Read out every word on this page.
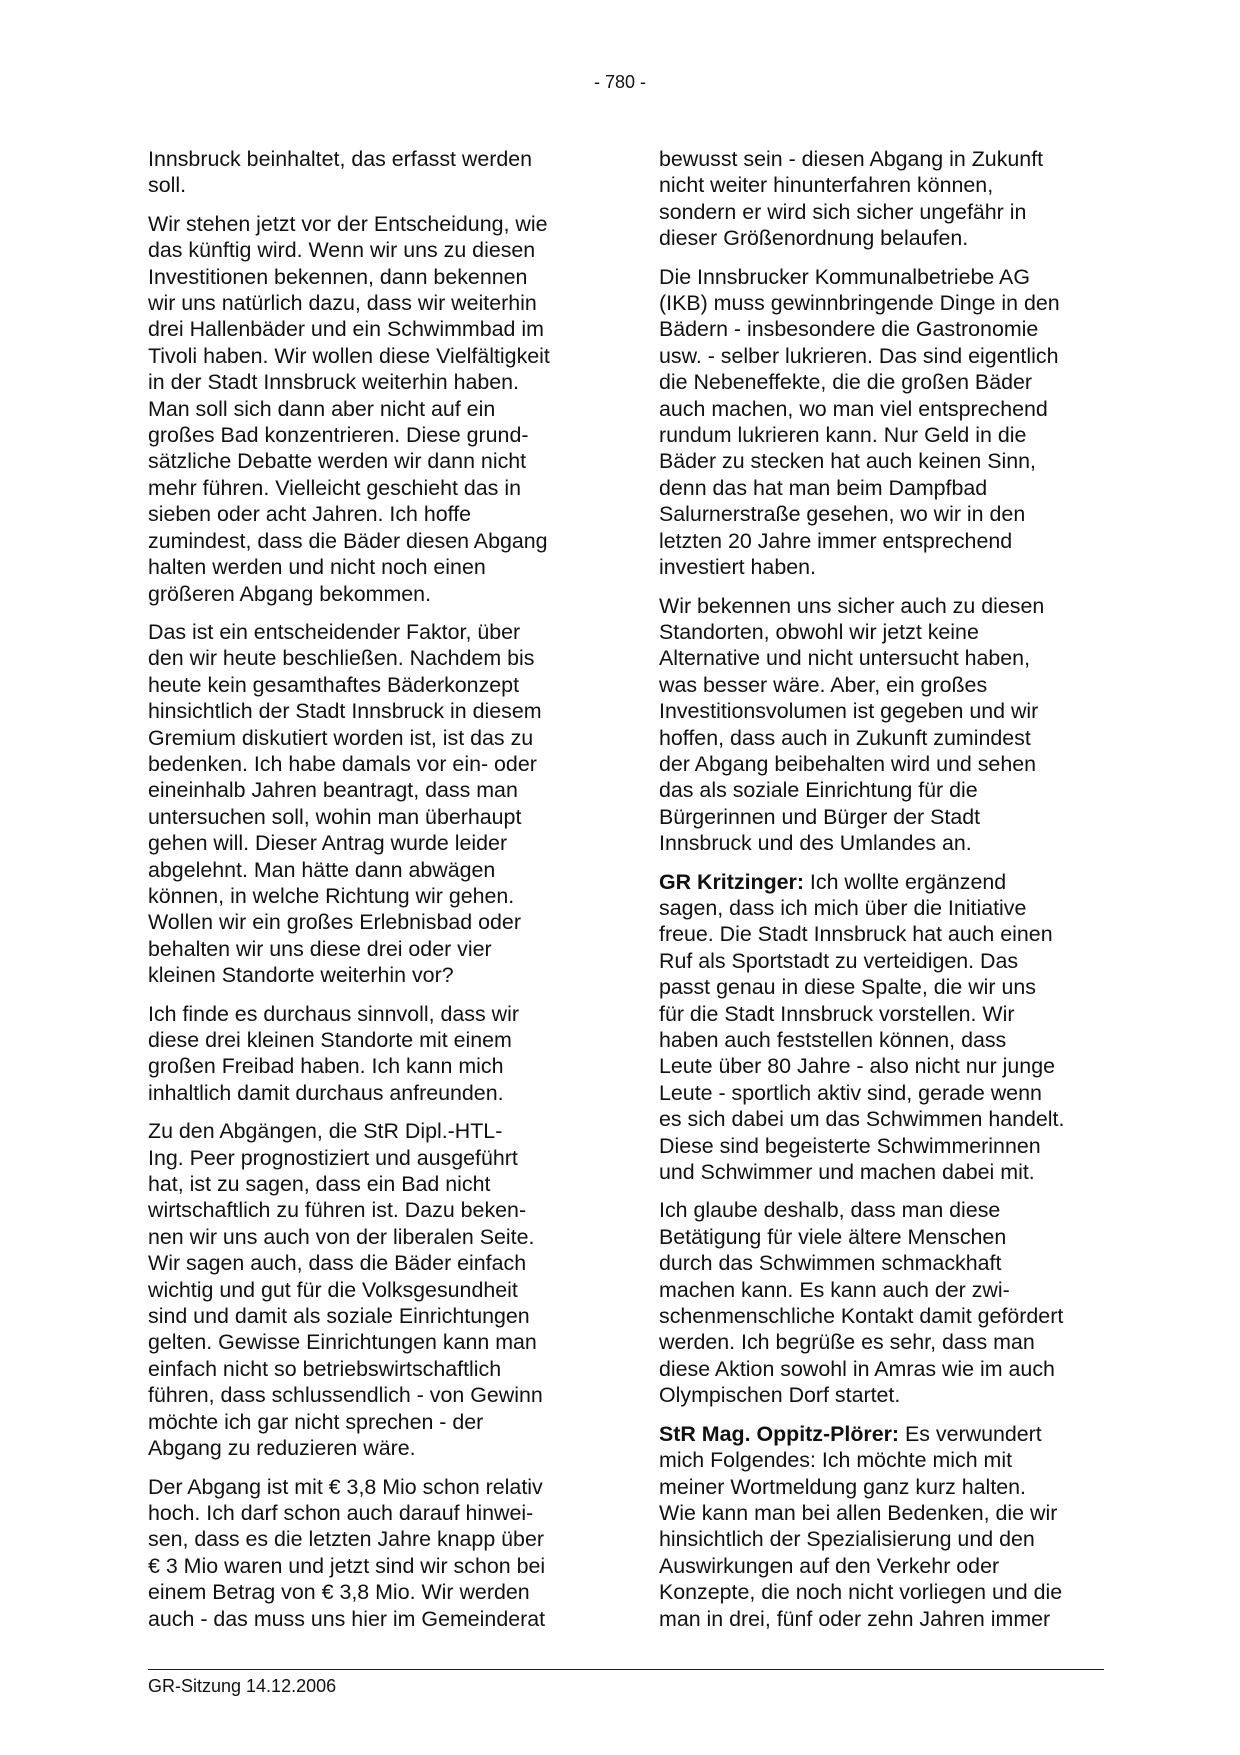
- 780 -

Innsbruck beinhaltet, das erfasst werden
soll.

Wir stehen jetzt vor der Entscheidung, wie
das künftig wird. Wenn wir uns zu diesen
Investitionen bekennen, dann bekennen
wir uns natürlich dazu, dass wir weiterhin
drei Hallenbäder und ein Schwimmbad im
Tivoli haben. Wir wollen diese Vielfältigkeit
in der Stadt Innsbruck weiterhin haben.
Man soll sich dann aber nicht auf ein
großes Bad konzentrieren. Diese grund-
sätzliche Debatte werden wir dann nicht
mehr führen. Vielleicht geschieht das in
sieben oder acht Jahren. Ich hoffe
zumindest, dass die Bäder diesen Abgang
halten werden und nicht noch einen
größeren Abgang bekommen.

Das ist ein entscheidender Faktor, über
den wir heute beschließen. Nachdem bis
heute kein gesamthaftes Bäderkonzept
hinsichtlich der Stadt Innsbruck in diesem
Gremium diskutiert worden ist, ist das zu
bedenken. Ich habe damals vor ein- oder
eineinhalb Jahren beantragt, dass man
untersuchen soll, wohin man überhaupt
gehen will. Dieser Antrag wurde leider
abgelehnt. Man hätte dann abwägen
können, in welche Richtung wir gehen.
Wollen wir ein großes Erlebnisbad oder
behalten wir uns diese drei oder vier
kleinen Standorte weiterhin vor?

Ich finde es durchaus sinnvoll, dass wir
diese drei kleinen Standorte mit einem
großen Freibad haben. Ich kann mich
inhaltlich damit durchaus anfreunden.

Zu den Abgängen, die StR Dipl.-HTL-
Ing. Peer prognostiziert und ausgeführt
hat, ist zu sagen, dass ein Bad nicht
wirtschaftlich zu führen ist. Dazu beken-
nen wir uns auch von der liberalen Seite.
Wir sagen auch, dass die Bäder einfach
wichtig und gut für die Volksgesundheit
sind und damit als soziale Einrichtungen
gelten. Gewisse Einrichtungen kann man
einfach nicht so betriebswirtschaftlich
führen, dass schlussendlich - von Gewinn
möchte ich gar nicht sprechen - der
Abgang zu reduzieren wäre.

Der Abgang ist mit € 3,8 Mio schon relativ
hoch. Ich darf schon auch darauf hinwei-
sen, dass es die letzten Jahre knapp über
€ 3 Mio waren und jetzt sind wir schon bei
einem Betrag von € 3,8 Mio. Wir werden
auch - das muss uns hier im Gemeinderat

bewusst sein - diesen Abgang in Zukunft
nicht weiter hinunterfahren können,
sondern er wird sich sicher ungefähr in
dieser Größenordnung belaufen.

Die Innsbrucker Kommunalbetriebe AG
(IKB) muss gewinnbringende Dinge in den
Bädern - insbesondere die Gastronomie
usw. - selber lukrieren. Das sind eigentlich
die Nebeneffekte, die die großen Bäder
auch machen, wo man viel entsprechend
rundum lukrieren kann. Nur Geld in die
Bäder zu stecken hat auch keinen Sinn,
denn das hat man beim Dampfbad
Salurnerstraße gesehen, wo wir in den
letzten 20 Jahre immer entsprechend
investiert haben.

Wir bekennen uns sicher auch zu diesen
Standorten, obwohl wir jetzt keine
Alternative und nicht untersucht haben,
was besser wäre. Aber, ein großes
Investitionsvolumen ist gegeben und wir
hoffen, dass auch in Zukunft zumindest
der Abgang beibehalten wird und sehen
das als soziale Einrichtung für die
Bürgerinnen und Bürger der Stadt
Innsbruck und des Umlandes an.

GR Kritzinger: Ich wollte ergänzend
sagen, dass ich mich über die Initiative
freue. Die Stadt Innsbruck hat auch einen
Ruf als Sportstadt zu verteidigen. Das
passt genau in diese Spalte, die wir uns
für die Stadt Innsbruck vorstellen. Wir
haben auch feststellen können, dass
Leute über 80 Jahre - also nicht nur junge
Leute - sportlich aktiv sind, gerade wenn
es sich dabei um das Schwimmen handelt.
Diese sind begeisterte Schwimmerinnen
und Schwimmer und machen dabei mit.

Ich glaube deshalb, dass man diese
Betätigung für viele ältere Menschen
durch das Schwimmen schmackhaft
machen kann. Es kann auch der zwi-
schenmenschliche Kontakt damit gefördert
werden. Ich begrüße es sehr, dass man
diese Aktion sowohl in Amras wie im auch
Olympischen Dorf startet.

StR Mag. Oppitz-Plörer: Es verwundert
mich Folgendes: Ich möchte mich mit
meiner Wortmeldung ganz kurz halten.
Wie kann man bei allen Bedenken, die wir
hinsichtlich der Spezialisierung und den
Auswirkungen auf den Verkehr oder
Konzepte, die noch nicht vorliegen und die
man in drei, fünf oder zehn Jahren immer

GR-Sitzung 14.12.2006
